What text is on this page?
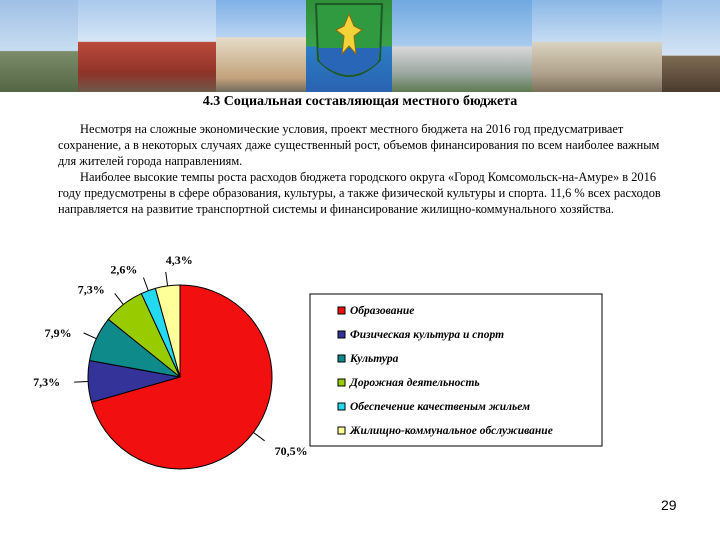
4.3 Социальная составляющая местного бюджета

Несмотря на сложные экономические условия, проект местного бюджета на 2016 год предусматривает сохранение, а в некоторых случаях даже существенный рост, объемов финансирования по всем наиболее важным для жителей города направлениям.

Наиболее высокие темпы роста расходов бюджета городского округа «Город Комсомольск-на-Амуре» в 2016 году предусмотрены в сфере образования, культуры, а также физической культуры и спорта. 11,6 % всех расходов направляется на развитие транспортной системы и финансирование жилищно-коммунального хозяйства.

70,5%
7,3%
7,9%
7,3%
2,6%
4,3%
Образование
Физическая культура и спорт
Культура
Дорожная деятельность
Обеспечение качественым жильем
Жилищно-коммунальное обслуживание
29
